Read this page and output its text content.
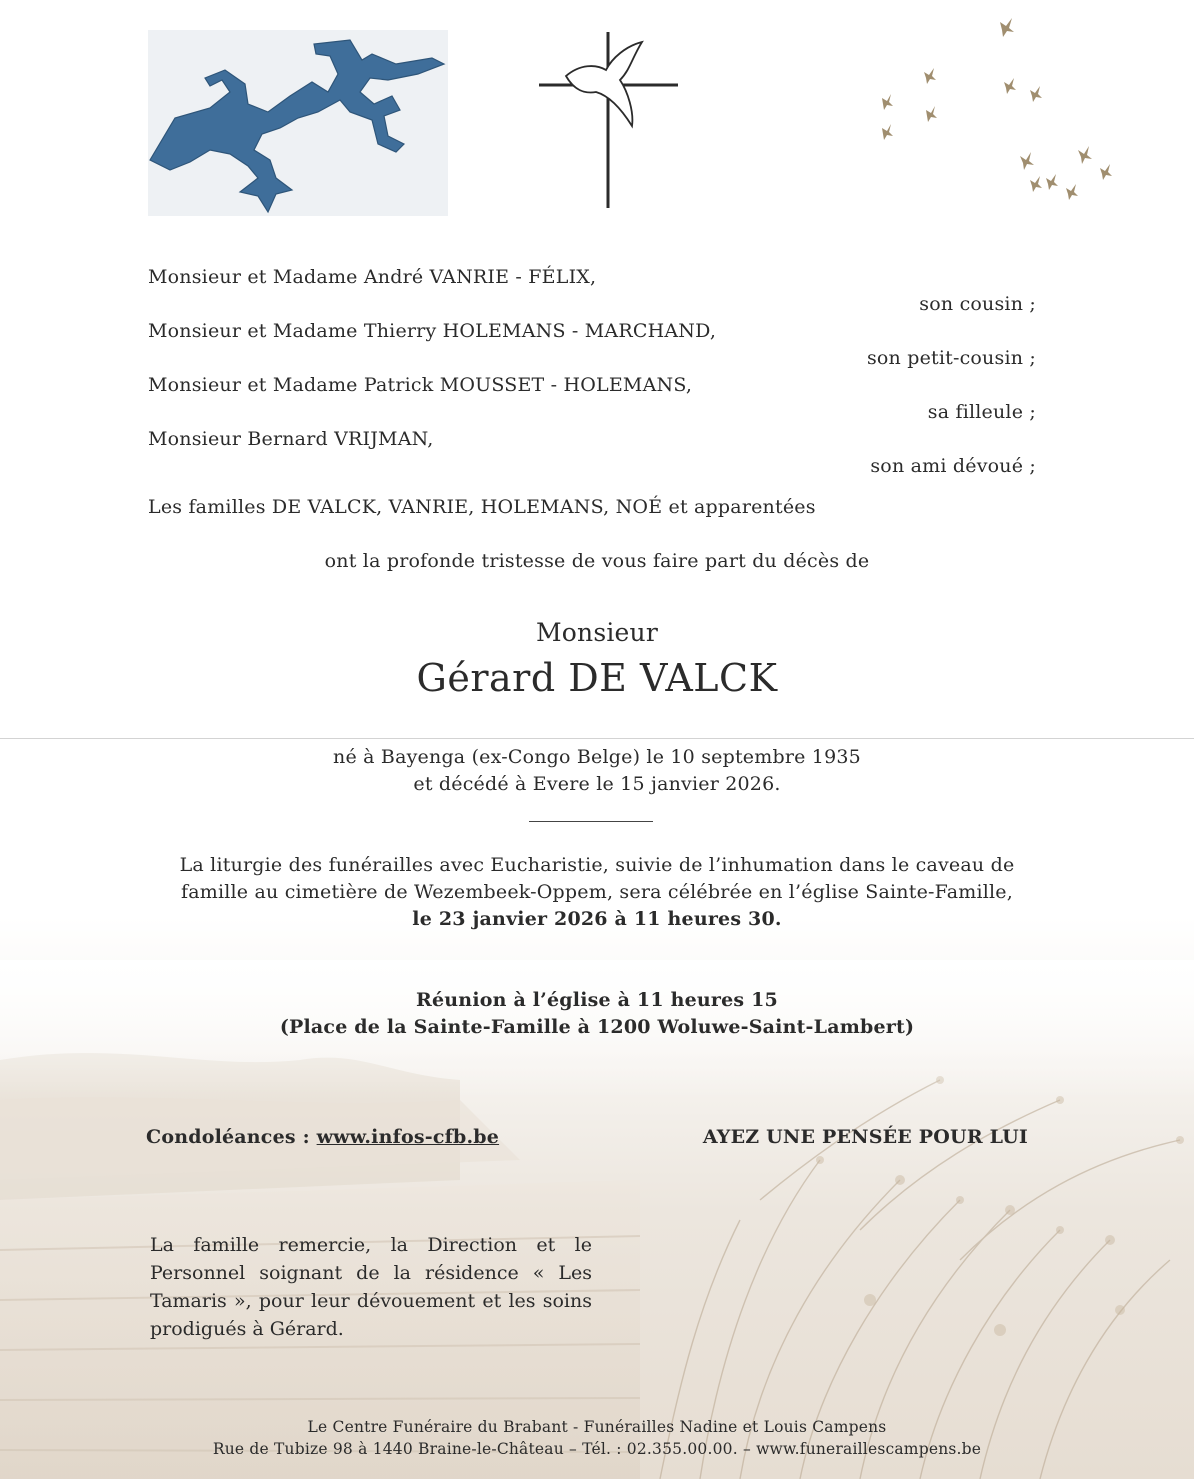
Monsieur et Madame André VANRIE - FÉLIX,
son cousin ;
Monsieur et Madame Thierry HOLEMANS - MARCHAND,
son petit-cousin ;
Monsieur et Madame Patrick MOUSSET - HOLEMANS,
sa filleule ;
Monsieur Bernard VRIJMAN,
son ami dévoué ;
Les familles DE VALCK, VANRIE, HOLEMANS, NOÉ et apparentées
ont la profonde tristesse de vous faire part du décès de
Monsieur
Gérard DE VALCK
né à Bayenga (ex-Congo Belge) le 10 septembre 1935
et décédé à Evere le 15 janvier 2026.
La liturgie des funérailles avec Eucharistie, suivie de l’inhumation dans le caveau de
famille au cimetière de Wezembeek-Oppem, sera célébrée en l’église Sainte-Famille,
le 23 janvier 2026 à 11 heures 30.
Réunion à l’église à 11 heures 15
(Place de la Sainte-Famille à 1200 Woluwe-Saint-Lambert)
Condoléances : www.infos-cfb.be	AYEZ UNE PENSÉE POUR LUI
La famille remercie, la Direction et le Personnel soignant de la résidence « Les Tamaris », pour leur dévouement et les soins prodigués à Gérard.
Le Centre Funéraire du Brabant - Funérailles Nadine et Louis Campens
Rue de Tubize 98 à 1440 Braine-le-Château – Tél. : 02.355.00.00. – www.funeraillescampens.be
